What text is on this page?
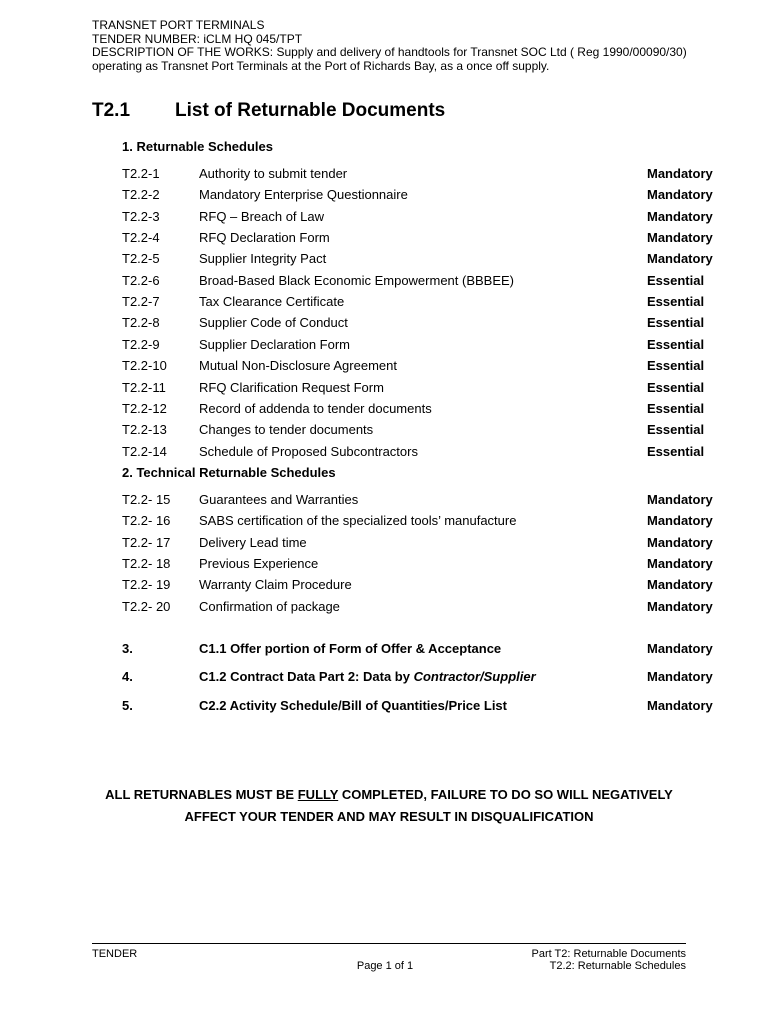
TRANSNET PORT TERMINALS
TENDER NUMBER: iCLM HQ 045/TPT
DESCRIPTION OF THE WORKS: Supply and delivery of handtools for Transnet SOC Ltd ( Reg 1990/00090/30)
operating as Transnet Port Terminals at the Port of Richards Bay, as a once off supply.
T2.1 List of Returnable Documents
1. Returnable Schedules
T2.2-1	Authority to submit tender	Mandatory
T2.2-2	Mandatory Enterprise Questionnaire	Mandatory
T2.2-3	RFQ – Breach of Law	Mandatory
T2.2-4	RFQ Declaration Form	Mandatory
T2.2-5	Supplier Integrity Pact	Mandatory
T2.2-6	Broad-Based Black Economic Empowerment (BBBEE)	Essential
T2.2-7	Tax Clearance Certificate	Essential
T2.2-8	Supplier Code of Conduct	Essential
T2.2-9	Supplier Declaration Form	Essential
T2.2-10 Mutual Non-Disclosure Agreement	Essential
T2.2-11	RFQ Clarification Request Form	Essential
T2.2-12 Record of addenda to tender documents	Essential
T2.2-13 Changes to tender documents	Essential
T2.2-14 Schedule of Proposed Subcontractors	Essential
2. Technical Returnable Schedules
T2.2- 15 Guarantees and Warranties	Mandatory
T2.2- 16 SABS certification of the specialized tools’ manufacture	Mandatory
T2.2- 17 Delivery Lead time	Mandatory
T2.2- 18 Previous Experience	Mandatory
T2.2- 19 Warranty Claim Procedure	Mandatory
T2.2- 20 Confirmation of package	Mandatory
3.	C1.1 Offer portion of Form of Offer & Acceptance	Mandatory
4.	C1.2 Contract Data Part 2: Data by Contractor/Supplier	Mandatory
5.	C2.2 Activity Schedule/Bill of Quantities/Price List	Mandatory
ALL RETURNABLES MUST BE FULLY COMPLETED, FAILURE TO DO SO WILL NEGATIVELY
AFFECT YOUR TENDER AND MAY RESULT IN DISQUALIFICATION
TENDER
Page 1 of 1
Part T2: Returnable Documents
T2.2: Returnable Schedules
